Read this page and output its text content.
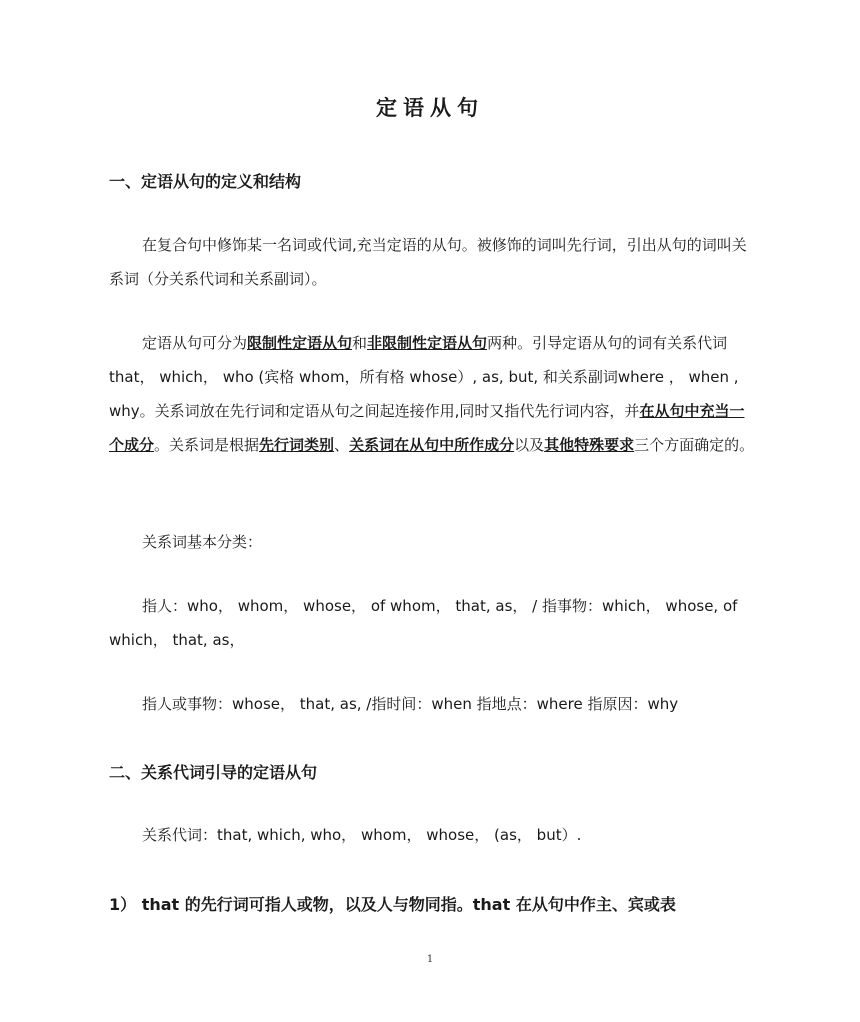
定语从句
一、定语从句的定义和结构
在复合句中修饰某一名词或代词,充当定语的从句。被修饰的词叫先行词，引出从句的词叫关系词（分关系代词和关系副词）。
定语从句可分为限制性定语从句和非限制性定语从句两种。引导定语从句的词有关系代词 that， which， who (宾格 whom，所有格 whose）, as, but, 和关系副词where ， when , why。关系词放在先行词和定语从句之间起连接作用,同时又指代先行词内容，并在从句中充当一个成分。关系词是根据先行词类别、关系词在从句中所作成分以及其他特殊要求三个方面确定的。
关系词基本分类：
指人：who， whom， whose， of whom， that, as， / 指事物：which， whose, of which， that, as，
指人或事物：whose， that, as, /指时间：when 指地点：where 指原因：why
二、关系代词引导的定语从句
关系代词：that, which, who， whom， whose， (as， but）.
1） that 的先行词可指人或物，以及人与物同指。that 在从句中作主、宾或表
1
